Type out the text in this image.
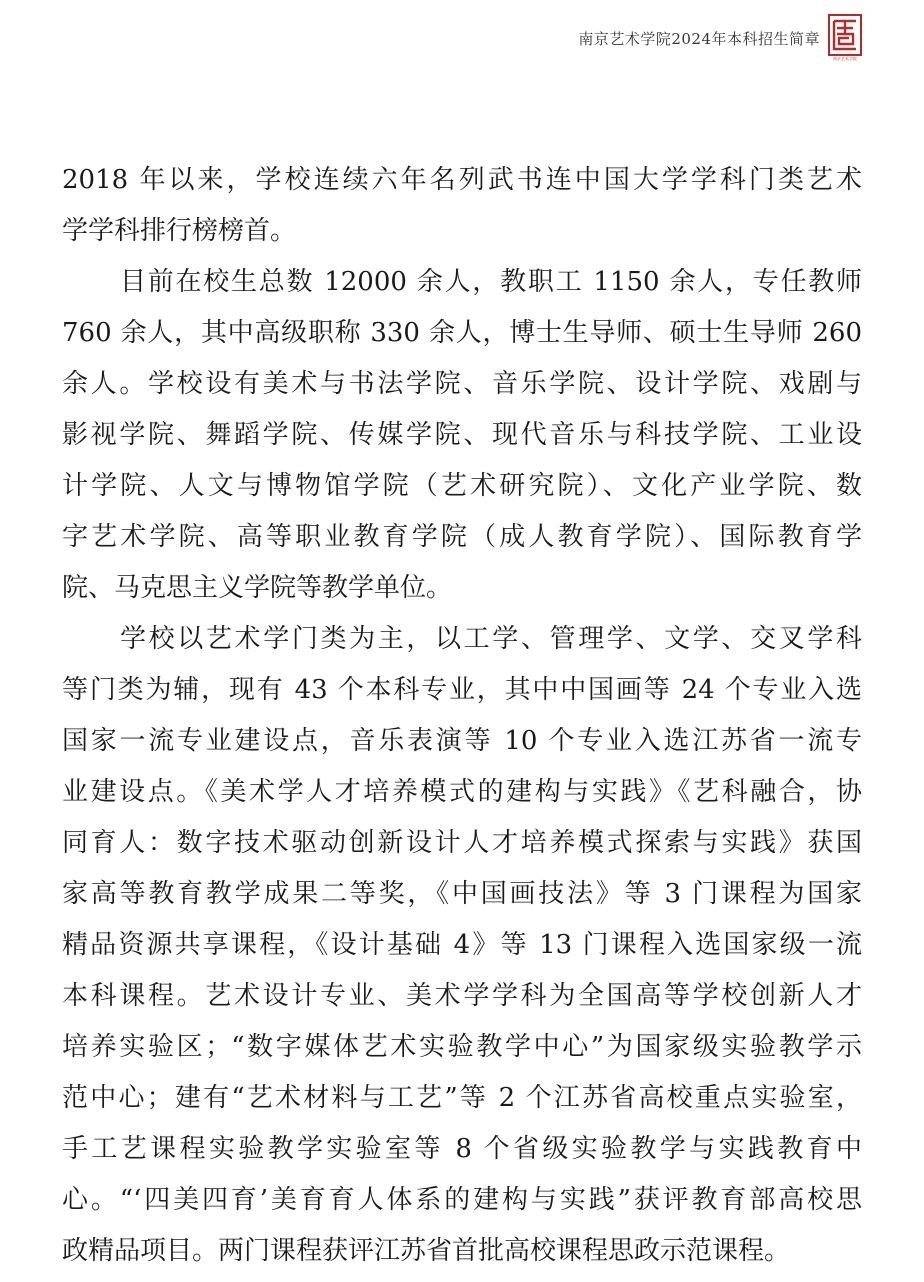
南京艺术学院2024年本科招生简章
南京艺术学院
2018 年以来，学校连续六年名列武书连中国大学学科门类艺术
学学科排行榜榜首。
目前在校生总数 12000 余人，教职工 1150 余人，专任教师
760 余人，其中高级职称 330 余人，博士生导师、硕士生导师 260
余人。学校设有美术与书法学院、音乐学院、设计学院、戏剧与
影视学院、舞蹈学院、传媒学院、现代音乐与科技学院、工业设
计学院、人文与博物馆学院（艺术研究院）、文化产业学院、数
字艺术学院、高等职业教育学院（成人教育学院）、国际教育学
院、马克思主义学院等教学单位。
学校以艺术学门类为主，以工学、管理学、文学、交叉学科
等门类为辅，现有 43 个本科专业，其中中国画等 24 个专业入选
国家一流专业建设点，音乐表演等 10 个专业入选江苏省一流专
业建设点。《美术学人才培养模式的建构与实践》《艺科融合，协
同育人：数字技术驱动创新设计人才培养模式探索与实践》获国
家高等教育教学成果二等奖，《中国画技法》等 3 门课程为国家
精品资源共享课程，《设计基础 4》等 13 门课程入选国家级一流
本科课程。艺术设计专业、美术学学科为全国高等学校创新人才
培养实验区；“数字媒体艺术实验教学中心”为国家级实验教学示
范中心；建有“艺术材料与工艺”等 2 个江苏省高校重点实验室，
手工艺课程实验教学实验室等 8 个省级实验教学与实践教育中
心。“‘四美四育’美育育人体系的建构与实践”获评教育部高校思
政精品项目。两门课程获评江苏省首批高校课程思政示范课程。
